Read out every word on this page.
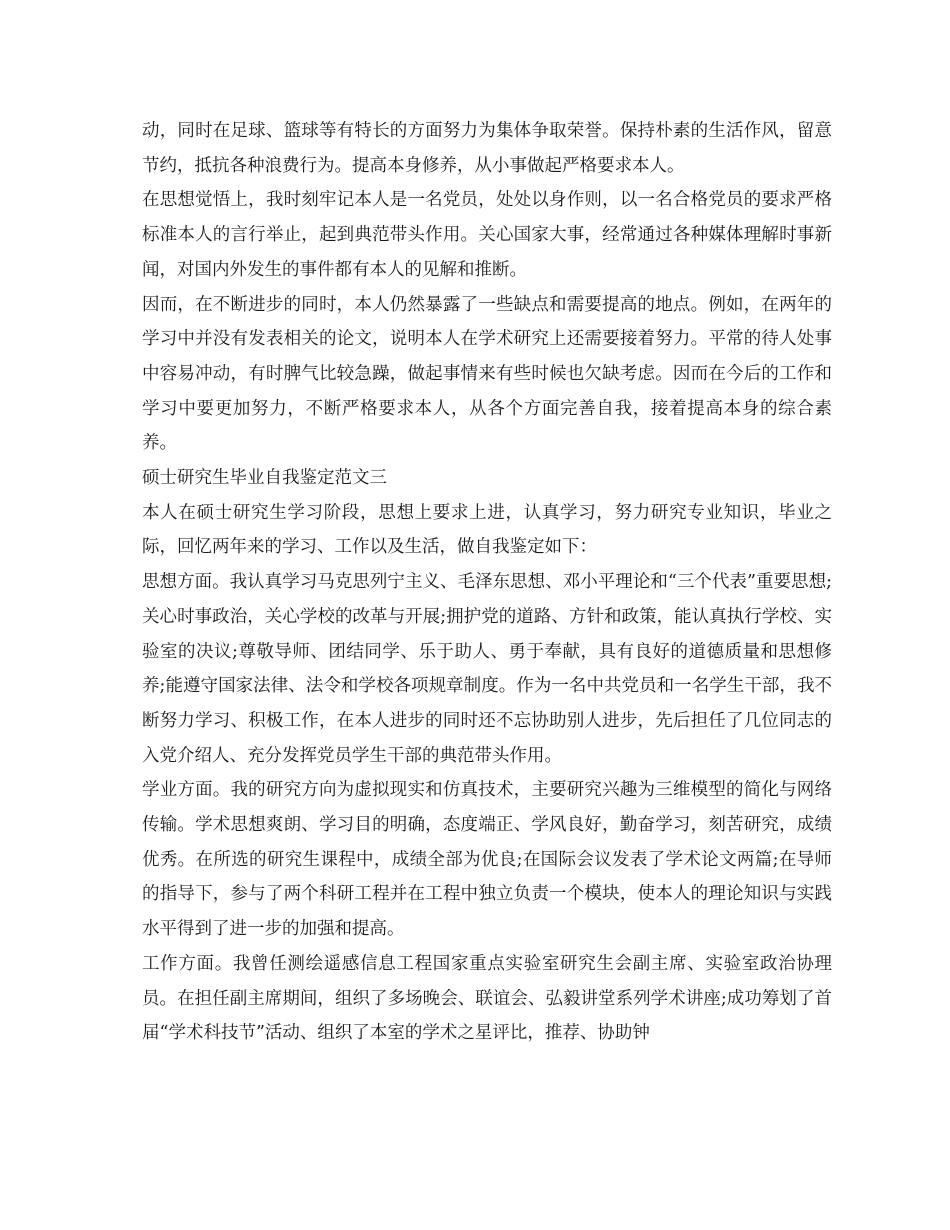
动，同时在足球、篮球等有特长的方面努力为集体争取荣誉。保持朴素的生活作风，留意节约，抵抗各种浪费行为。提高本身修养，从小事做起严格要求本人。

在思想觉悟上，我时刻牢记本人是一名党员，处处以身作则，以一名合格党员的要求严格标准本人的言行举止，起到典范带头作用。关心国家大事，经常通过各种媒体理解时事新闻，对国内外发生的事件都有本人的见解和推断。

因而，在不断进步的同时，本人仍然暴露了一些缺点和需要提高的地点。例如，在两年的学习中并没有发表相关的论文，说明本人在学术研究上还需要接着努力。平常的待人处事中容易冲动，有时脾气比较急躁，做起事情来有些时候也欠缺考虑。因而在今后的工作和学习中要更加努力，不断严格要求本人，从各个方面完善自我，接着提高本身的综合素养。

硕士研究生毕业自我鉴定范文三

本人在硕士研究生学习阶段，思想上要求上进，认真学习，努力研究专业知识，毕业之际，回忆两年来的学习、工作以及生活，做自我鉴定如下：

思想方面。我认真学习马克思列宁主义、毛泽东思想、邓小平理论和“三个代表”重要思想;关心时事政治，关心学校的改革与开展;拥护党的道路、方针和政策，能认真执行学校、实验室的决议;尊敬导师、团结同学、乐于助人、勇于奉献，具有良好的道德质量和思想修养;能遵守国家法律、法令和学校各项规章制度。作为一名中共党员和一名学生干部，我不断努力学习、积极工作，在本人进步的同时还不忘协助别人进步，先后担任了几位同志的入党介绍人、充分发挥党员学生干部的典范带头作用。

学业方面。我的研究方向为虚拟现实和仿真技术，主要研究兴趣为三维模型的简化与网络传输。学术思想爽朗、学习目的明确，态度端正、学风良好，勤奋学习，刻苦研究，成绩优秀。在所选的研究生课程中，成绩全部为优良;在国际会议发表了学术论文两篇;在导师的指导下，参与了两个科研工程并在工程中独立负责一个模块，使本人的理论知识与实践水平得到了进一步的加强和提高。

工作方面。我曾任测绘遥感信息工程国家重点实验室研究生会副主席、实验室政治协理员。在担任副主席期间，组织了多场晚会、联谊会、弘毅讲堂系列学术讲座;成功筹划了首届“学术科技节”活动、组织了本室的学术之星评比，推荐、协助钟
